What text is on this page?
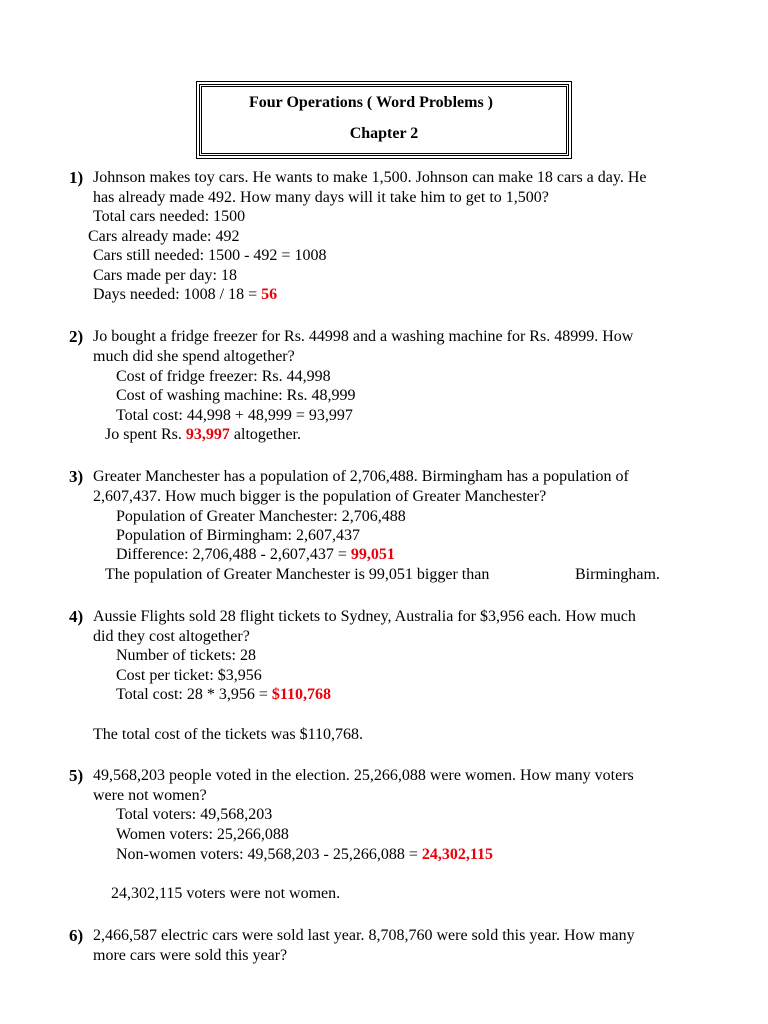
Four Operations ( Word Problems )
Chapter 2
1) Johnson makes toy cars. He wants to make 1,500. Johnson can make 18 cars a day. He
has already made 492. How many days will it take him to get to 1,500?
Total cars needed: 1500
Cars already made: 492
Cars still needed: 1500 - 492 = 1008
Cars made per day: 18
Days needed: 1008 / 18 = 56
2) Jo bought a fridge freezer for Rs. 44998 and a washing machine for Rs. 48999. How
much did she spend altogether?
Cost of fridge freezer: Rs. 44,998
Cost of washing machine: Rs. 48,999
Total cost: 44,998 + 48,999 = 93,997
Jo spent Rs. 93,997 altogether.
3) Greater Manchester has a population of 2,706,488. Birmingham has a population of
2,607,437. How much bigger is the population of Greater Manchester?
Population of Greater Manchester: 2,706,488
Population of Birmingham: 2,607,437
Difference: 2,706,488 - 2,607,437 = 99,051
The population of Greater Manchester is 99,051 bigger than	Birmingham.
4) Aussie Flights sold 28 flight tickets to Sydney, Australia for $3,956 each. How much
did they cost altogether?
Number of tickets: 28
Cost per ticket: $3,956
Total cost: 28 * 3,956 = $110,768
The total cost of the tickets was $110,768.
5) 49,568,203 people voted in the election. 25,266,088 were women. How many voters
were not women?
Total voters: 49,568,203
Women voters: 25,266,088
Non-women voters: 49,568,203 - 25,266,088 = 24,302,115
24,302,115 voters were not women.
6) 2,466,587 electric cars were sold last year. 8,708,760 were sold this year. How many
more cars were sold this year?
